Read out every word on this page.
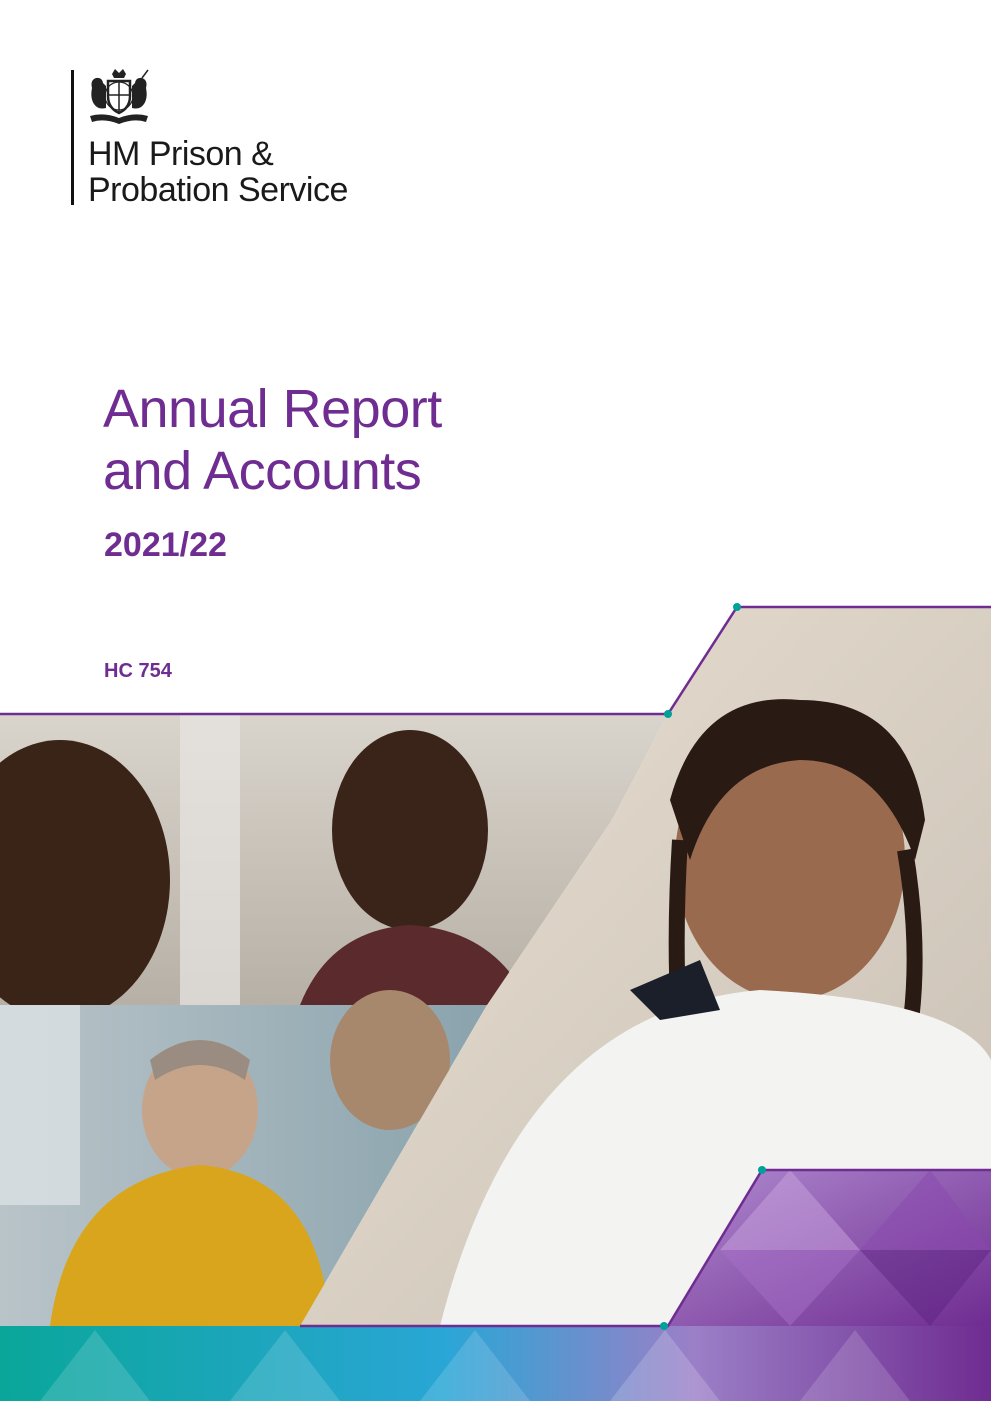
HM Prison &
Probation Service
Annual Report
and Accounts
2021/22
HC 754
